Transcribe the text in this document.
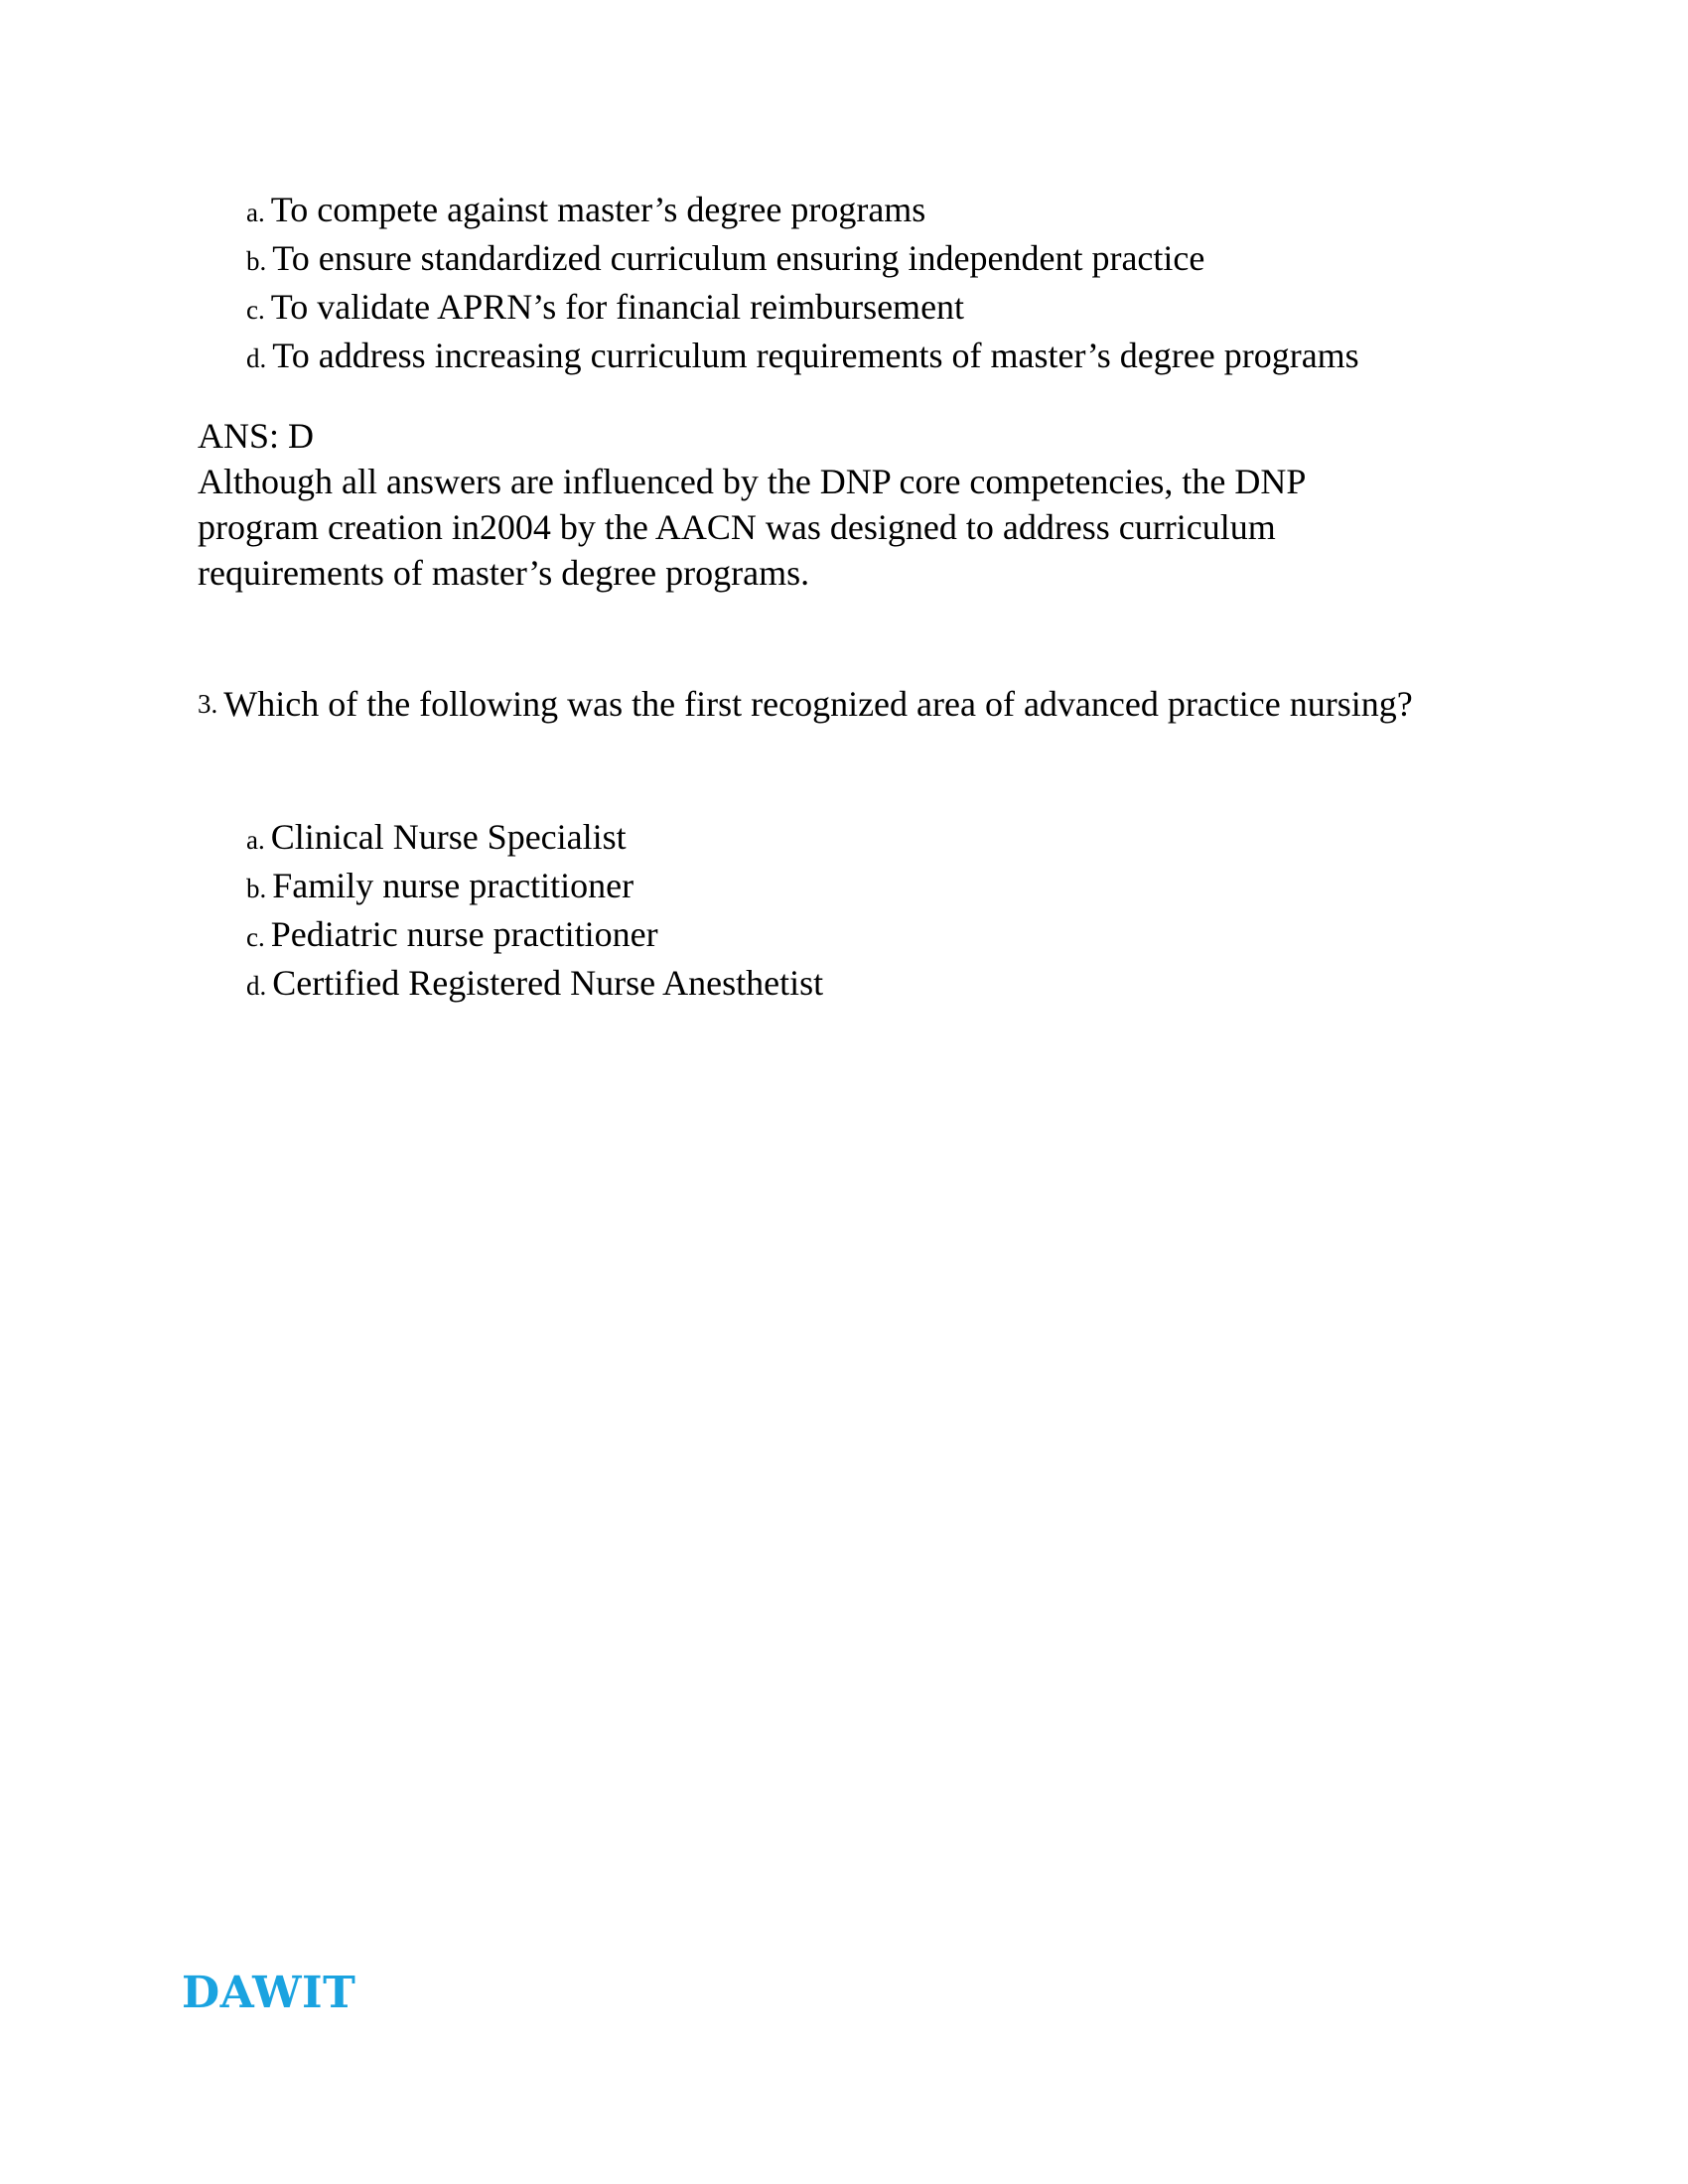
a. To compete against master’s degree programs
b. To ensure standardized curriculum ensuring independent practice
c. To validate APRN’s for financial reimbursement
d. To address increasing curriculum requirements of master’s degree programs
ANS: D
Although all answers are influenced by the DNP core competencies, the DNP program creation in2004 by the AACN was designed to address curriculum requirements of master’s degree programs.
3. Which of the following was the first recognized area of advanced practice nursing?
a. Clinical Nurse Specialist
b. Family nurse practitioner
c. Pediatric nurse practitioner
d. Certified Registered Nurse Anesthetist
DAWIT
